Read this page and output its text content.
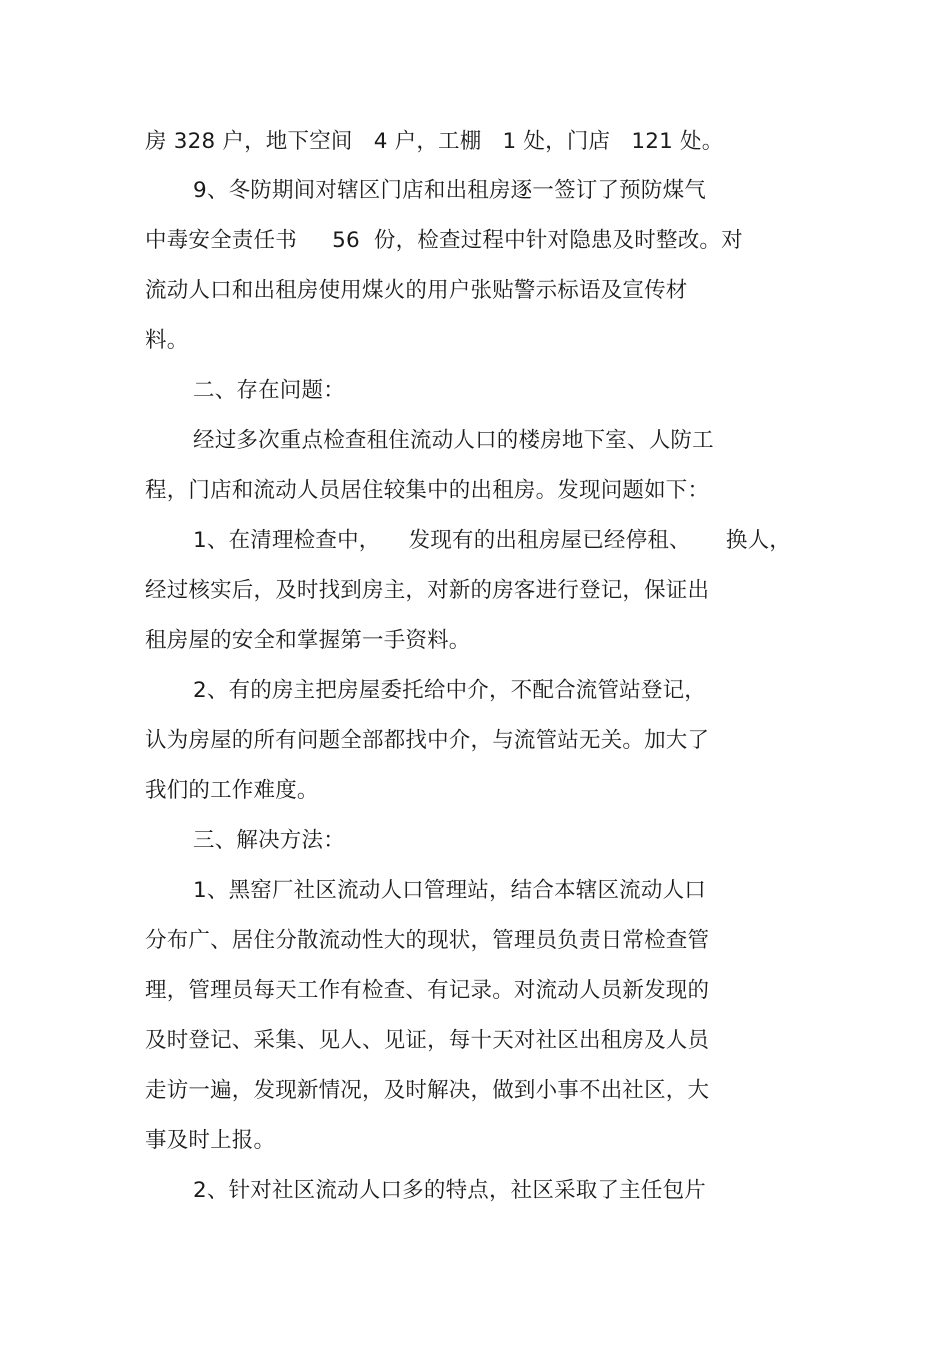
房 328 户，地下空间   4 户，工棚   1 处，门店   121 处。
9、冬防期间对辖区门店和出租房逐一签订了预防煤气
中毒安全责任书     56  份，检查过程中针对隐患及时整改。对
流动人口和出租房使用煤火的用户张贴警示标语及宣传材
料。
二、存在问题：
经过多次重点检查租住流动人口的楼房地下室、人防工
程，门店和流动人员居住较集中的出租房。发现问题如下：
1、在清理检查中，    发现有的出租房屋已经停租、     换人，
经过核实后，及时找到房主，对新的房客进行登记，保证出
租房屋的安全和掌握第一手资料。
2、有的房主把房屋委托给中介，不配合流管站登记，
认为房屋的所有问题全部都找中介，与流管站无关。加大了
我们的工作难度。
三、解决方法：
1、黑窑厂社区流动人口管理站，结合本辖区流动人口
分布广、居住分散流动性大的现状，管理员负责日常检查管
理，管理员每天工作有检查、有记录。对流动人员新发现的
及时登记、采集、见人、见证，每十天对社区出租房及人员
走访一遍，发现新情况，及时解决，做到小事不出社区，大
事及时上报。
2、针对社区流动人口多的特点，社区采取了主任包片
